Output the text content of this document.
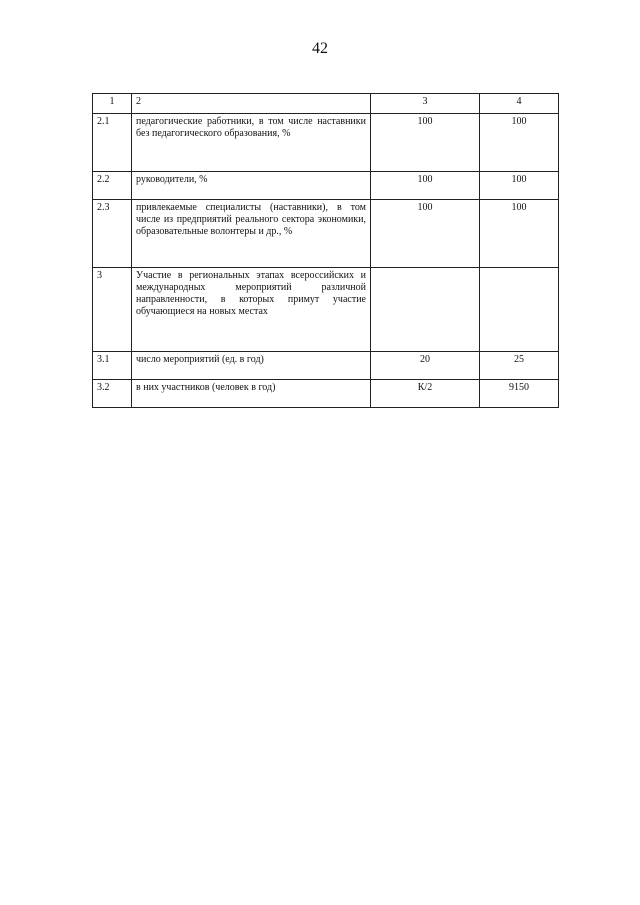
42
1	2	3	4
2.1	педагогические работники, в том числе наставники без педагогического образования, %	100	100
2.2	руководители, %	100	100
2.3	привлекаемые специалисты (наставники), в том числе из предприятий реального сектора экономики, образовательные волонтеры и др., %	100	100
3	Участие в региональных этапах всероссийских и международных мероприятий различной направленности, в которых примут участие обучающиеся на новых местах		
3.1	число мероприятий (ед. в год)	20	25
3.2	в них участников (человек в год)	К/2	9150
